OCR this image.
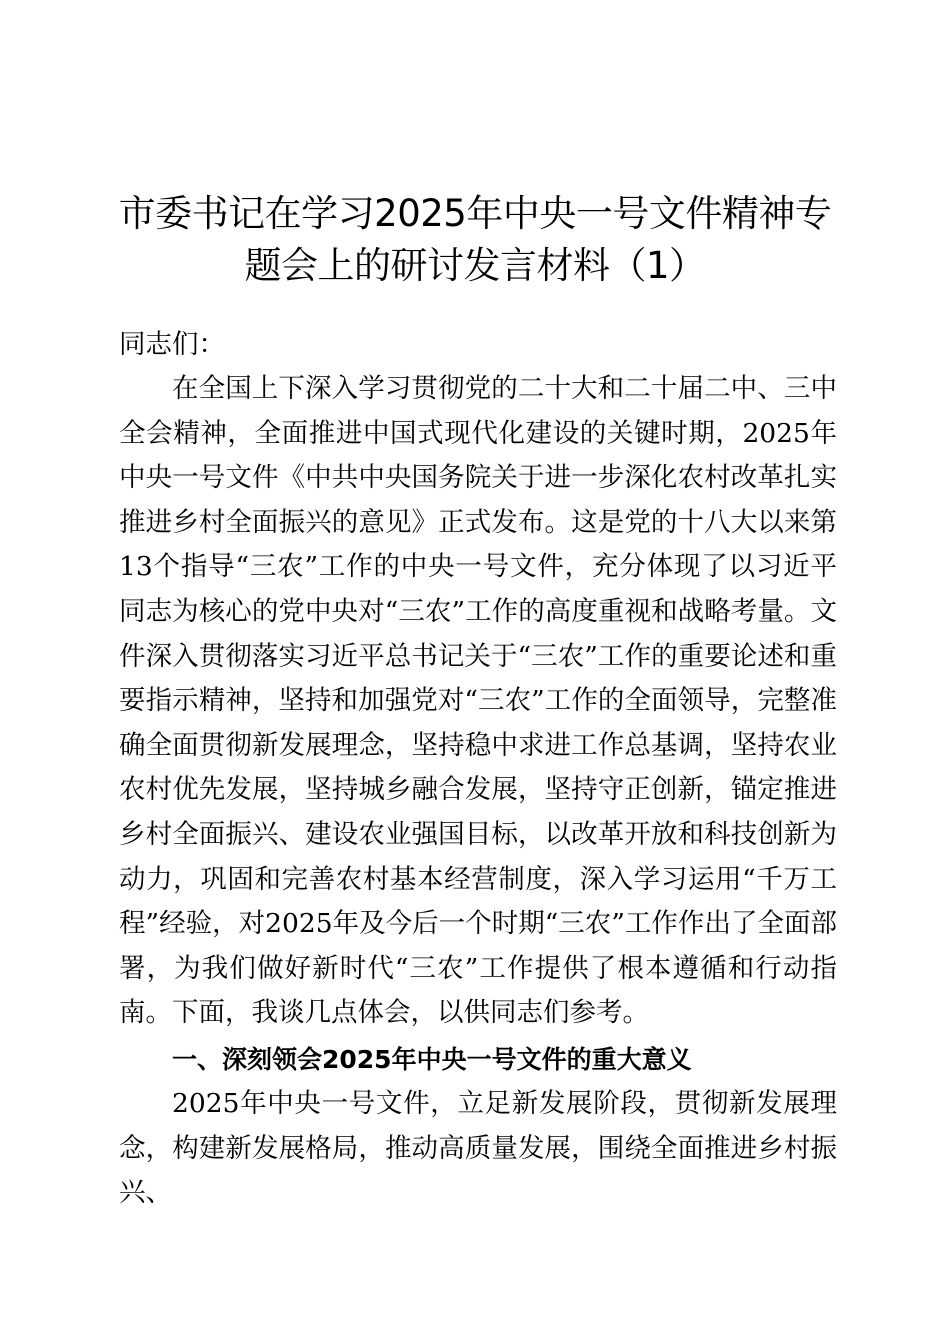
市委书记在学习2025年中央一号文件精神专题会上的研讨发言材料（1）

同志们：

在全国上下深入学习贯彻党的二十大和二十届二中、三中全会精神，全面推进中国式现代化建设的关键时期，2025年中央一号文件《中共中央国务院关于进一步深化农村改革扎实推进乡村全面振兴的意见》正式发布。这是党的十八大以来第13个指导“三农”工作的中央一号文件，充分体现了以习近平同志为核心的党中央对“三农”工作的高度重视和战略考量。文件深入贯彻落实习近平总书记关于“三农”工作的重要论述和重要指示精神，坚持和加强党对“三农”工作的全面领导，完整准确全面贯彻新发展理念，坚持稳中求进工作总基调，坚持农业农村优先发展，坚持城乡融合发展，坚持守正创新，锚定推进乡村全面振兴、建设农业强国目标，以改革开放和科技创新为动力，巩固和完善农村基本经营制度，深入学习运用“千万工程”经验，对2025年及今后一个时期“三农”工作作出了全面部署，为我们做好新时代“三农”工作提供了根本遵循和行动指南。下面，我谈几点体会，以供同志们参考。

一、深刻领会2025年中央一号文件的重大意义

2025年中央一号文件，立足新发展阶段，贯彻新发展理念，构建新发展格局，推动高质量发展，围绕全面推进乡村振兴、
